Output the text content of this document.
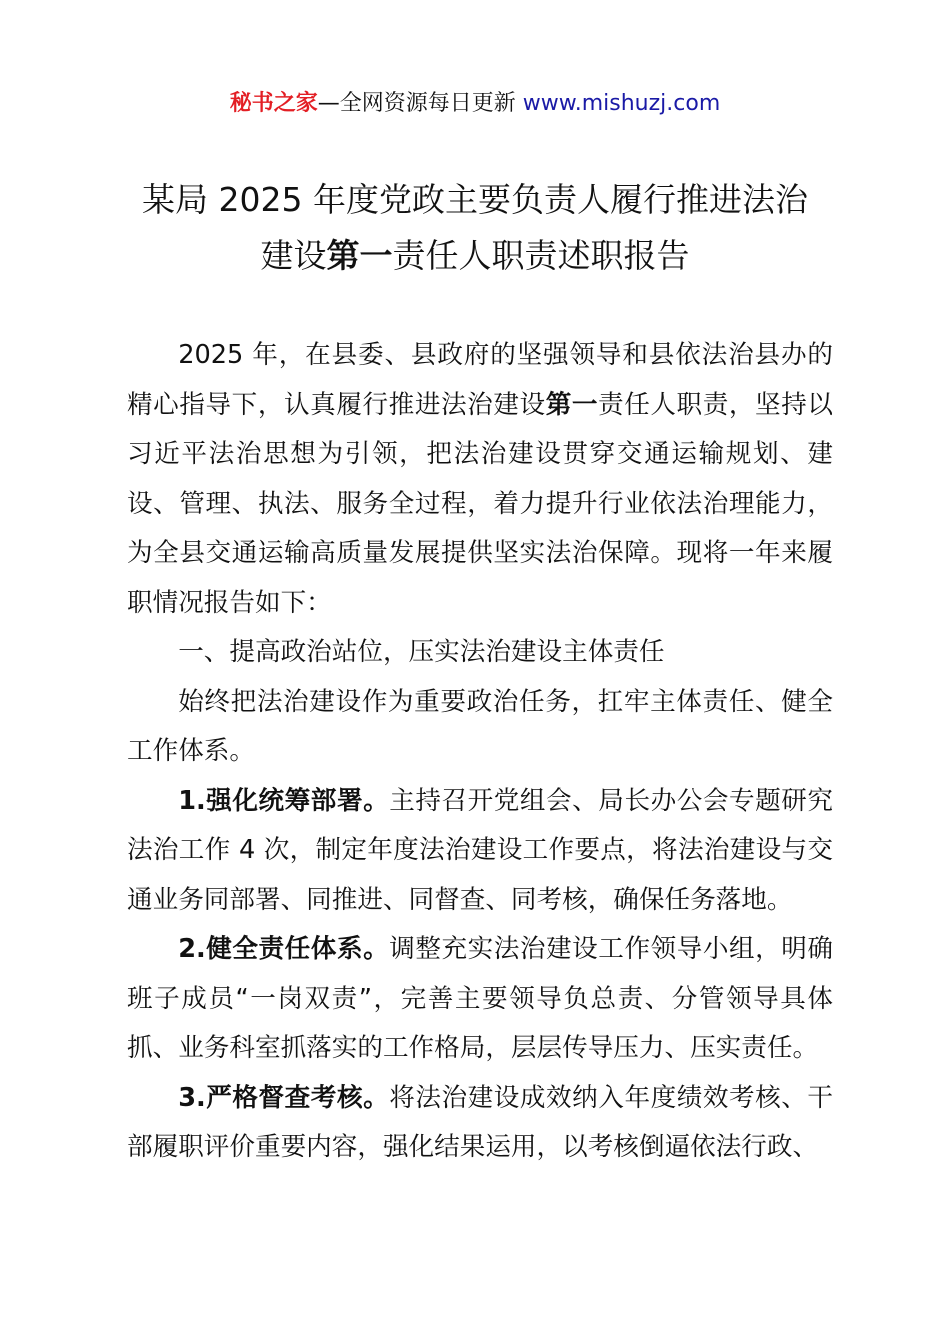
秘书之家—全网资源每日更新 www.mishuzj.com
某局 2025 年度党政主要负责人履行推进法治
建设第一责任人职责述职报告

2025 年，在县委、县政府的坚强领导和县依法治县办的精心指导下，认真履行推进法治建设第一责任人职责，坚持以习近平法治思想为引领，把法治建设贯穿交通运输规划、建设、管理、执法、服务全过程，着力提升行业依法治理能力，为全县交通运输高质量发展提供坚实法治保障。现将一年来履职情况报告如下：

一、提高政治站位，压实法治建设主体责任

始终把法治建设作为重要政治任务，扛牢主体责任、健全工作体系。

1.强化统筹部署。主持召开党组会、局长办公会专题研究法治工作 4 次，制定年度法治建设工作要点，将法治建设与交通业务同部署、同推进、同督查、同考核，确保任务落地。

2.健全责任体系。调整充实法治建设工作领导小组，明确班子成员“一岗双责”，完善主要领导负总责、分管领导具体抓、业务科室抓落实的工作格局，层层传导压力、压实责任。

3.严格督查考核。将法治建设成效纳入年度绩效考核、干部履职评价重要内容，强化结果运用，以考核倒逼依法行政、
